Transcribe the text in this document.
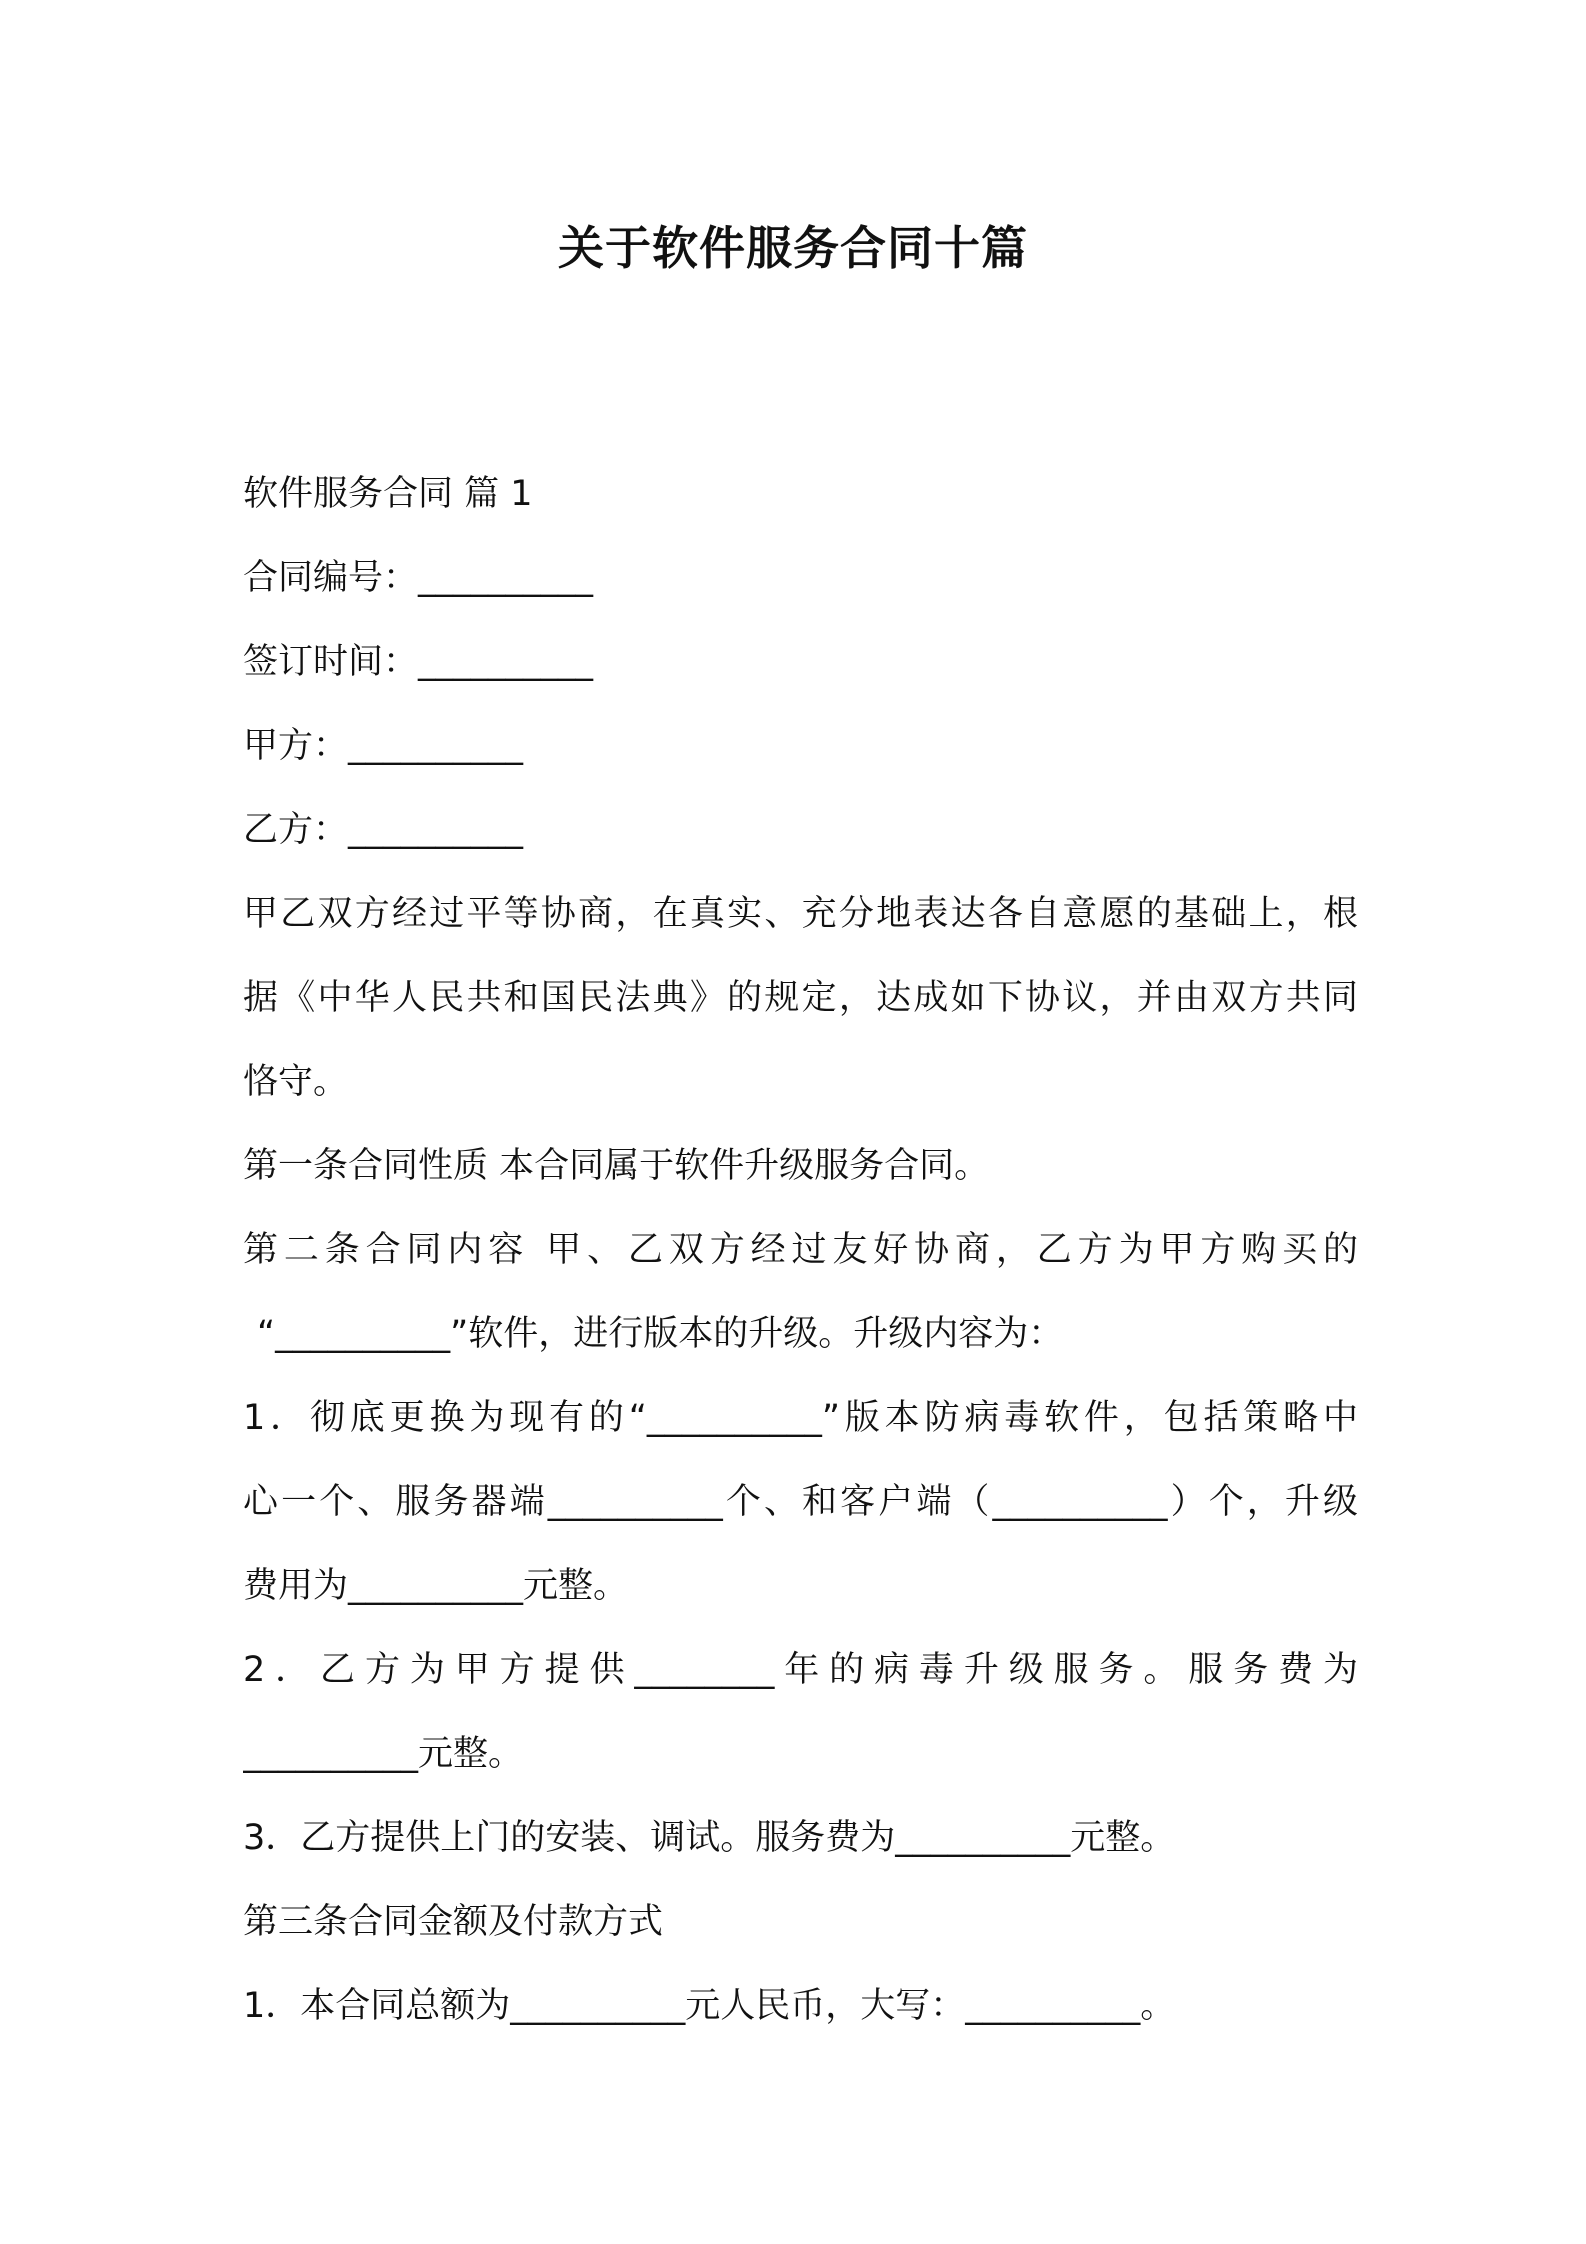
关于软件服务合同十篇
软件服务合同 篇 1
合同编号：__________
签订时间：__________
甲方：__________
乙方：__________
甲乙双方经过平等协商，在真实、充分地表达各自意愿的基础上，根
据《中华人民共和国民法典》的规定，达成如下协议，并由双方共同
恪守。
第一条合同性质 本合同属于软件升级服务合同。
第二条合同内容 甲、乙双方经过友好协商，乙方为甲方购买的
“__________”软件，进行版本的升级。升级内容为：
1．彻底更换为现有的“__________”版本防病毒软件，包括策略中
心一个、服务器端__________个、和客户端（__________）个，升级
费用为__________元整。
2．乙方为甲方提供________年的病毒升级服务。服务费为
__________元整。
3．乙方提供上门的安装、调试。服务费为__________元整。
第三条合同金额及付款方式
1．本合同总额为__________元人民币，大写：__________。
